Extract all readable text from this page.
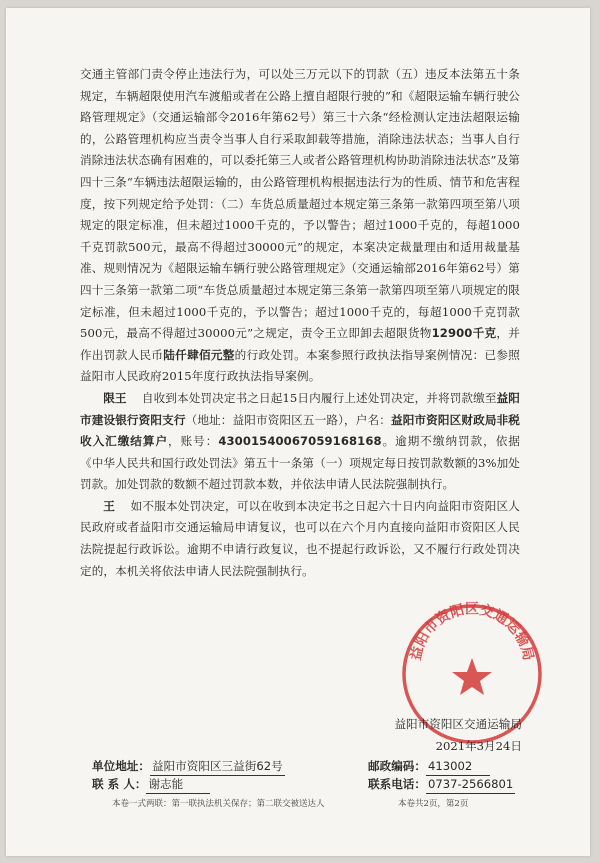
交通主管部门责令停止违法行为，可以处三万元以下的罚款（五）违反本法第五十条规定，车辆超限使用汽车渡船或者在公路上擅自超限行驶的”和《超限运输车辆行驶公路管理规定》（交通运输部令2016年第62号）第三十六条“经检测认定违法超限运输的，公路管理机构应当责令当事人自行采取卸载等措施，消除违法状态；当事人自行消除违法状态确有困难的，可以委托第三人或者公路管理机构协助消除违法状态”及第四十三条“车辆违法超限运输的，由公路管理机构根据违法行为的性质、情节和危害程度，按下列规定给予处罚：（二）车货总质量超过本规定第三条第一款第四项至第八项规定的限定标准，但未超过1000千克的，予以警告；超过1000千克的，每超1000千克罚款500元，最高不得超过30000元”的规定，本案决定裁量理由和适用裁量基准、规则情况为《超限运输车辆行驶公路管理规定》（交通运输部2016年第62号）第四十三条第一款第二项“车货总质量超过本规定第三条第一款第四项至第八项规定的限定标准，但未超过1000千克的，予以警告；超过1000千克的，每超1000千克罚款500元，最高不得超过30000元”之规定，责令王立即卸去超限货物12900千克，并作出罚款人民币陆仟肆佰元整的行政处罚。本案参照行政执法指导案例情况：已参照益阳市人民政府2015年度行政执法指导案例。

限王 自收到本处罚决定书之日起15日内履行上述处罚决定，并将罚款缴至益阳市建设银行资阳支行（地址：益阳市资阳区五一路），户名：益阳市资阳区财政局非税收入汇缴结算户，账号：43001540067059168168。逾期不缴纳罚款，依据《中华人民共和国行政处罚法》第五十一条第（一）项规定每日按罚款数额的3%加处罚款。加处罚款的数额不超过罚款本数，并依法申请人民法院强制执行。

王 如不服本处罚决定，可以在收到本决定书之日起六十日内向益阳市资阳区人民政府或者益阳市交通运输局申请复议，也可以在六个月内直接向益阳市资阳区人民法院提起行政诉讼。逾期不申请行政复议，也不提起行政诉讼，又不履行行政处罚决定的，本机关将依法申请人民法院强制执行。

益阳市资阳区交通运输局
益阳市资阳区交通运输局
2021年3月24日
单位地址： 益阳市资阳区三益街62号
联 系 人： 谢志能
邮政编码： 413002
联系电话： 0737-2566801
本卷一式两联：第一联执法机关保存；第二联交被送达人	本卷共2页，第2页
